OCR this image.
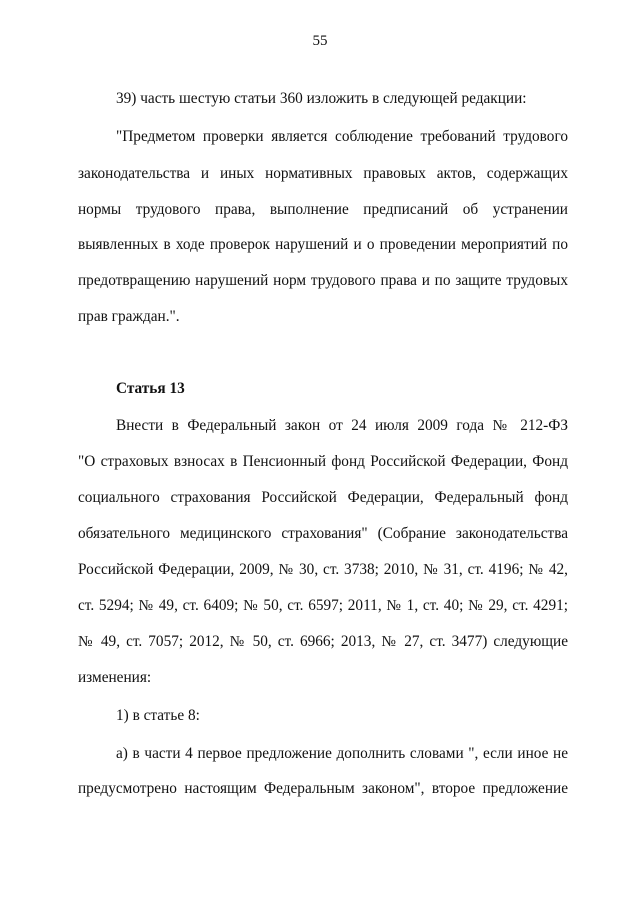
55
39) часть шестую статьи 360 изложить в следующей редакции:
"Предметом проверки является соблюдение требований трудового
законодательства и иных нормативных правовых актов, содержащих
нормы трудового права, выполнение предписаний об устранении
выявленных в ходе проверок нарушений и о проведении мероприятий по
предотвращению нарушений норм трудового права и по защите трудовых
прав граждан.".
Статья 13
Внести в Федеральный закон от 24 июля 2009 года № 212-ФЗ
"О страховых взносах в Пенсионный фонд Российской Федерации, Фонд
социального страхования Российской Федерации, Федеральный фонд
обязательного медицинского страхования" (Собрание законодательства
Российской Федерации, 2009, № 30, ст. 3738; 2010, № 31, ст. 4196; № 42,
ст. 5294; № 49, ст. 6409; № 50, ст. 6597; 2011, № 1, ст. 40; № 29, ст. 4291;
№ 49, ст. 7057; 2012, № 50, ст. 6966; 2013, № 27, ст. 3477) следующие
изменения:
1) в статье 8:
а) в части 4 первое предложение дополнить словами ", если иное не
предусмотрено настоящим Федеральным законом", второе предложение
